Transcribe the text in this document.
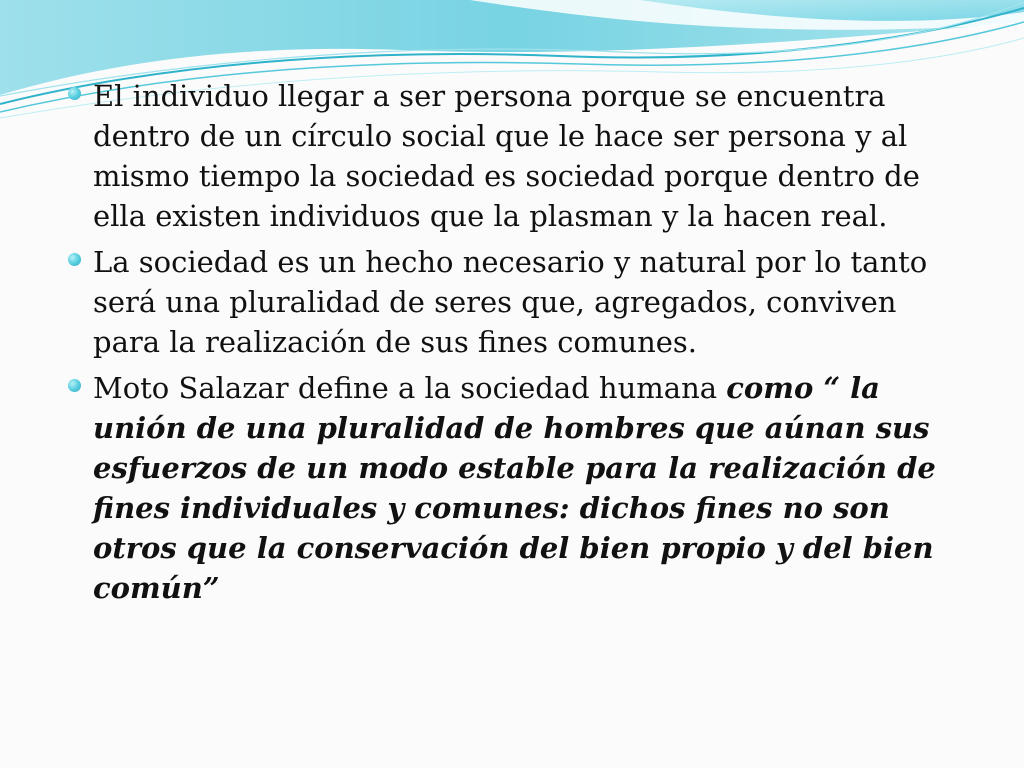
El individuo llegar a ser persona porque se encuentra dentro de un círculo social que le hace ser persona y al mismo tiempo la sociedad es sociedad porque dentro de ella existen individuos que la plasman y la hacen real.
La sociedad es un hecho necesario y natural por lo tanto será una pluralidad de seres que, agregados, conviven para la realización de sus fines comunes.
Moto Salazar define a la sociedad humana como “ la unión de una pluralidad de hombres que aúnan sus esfuerzos de un modo estable para la realización de fines individuales y comunes: dichos fines no son otros que la conservación del bien propio y del bien común”
